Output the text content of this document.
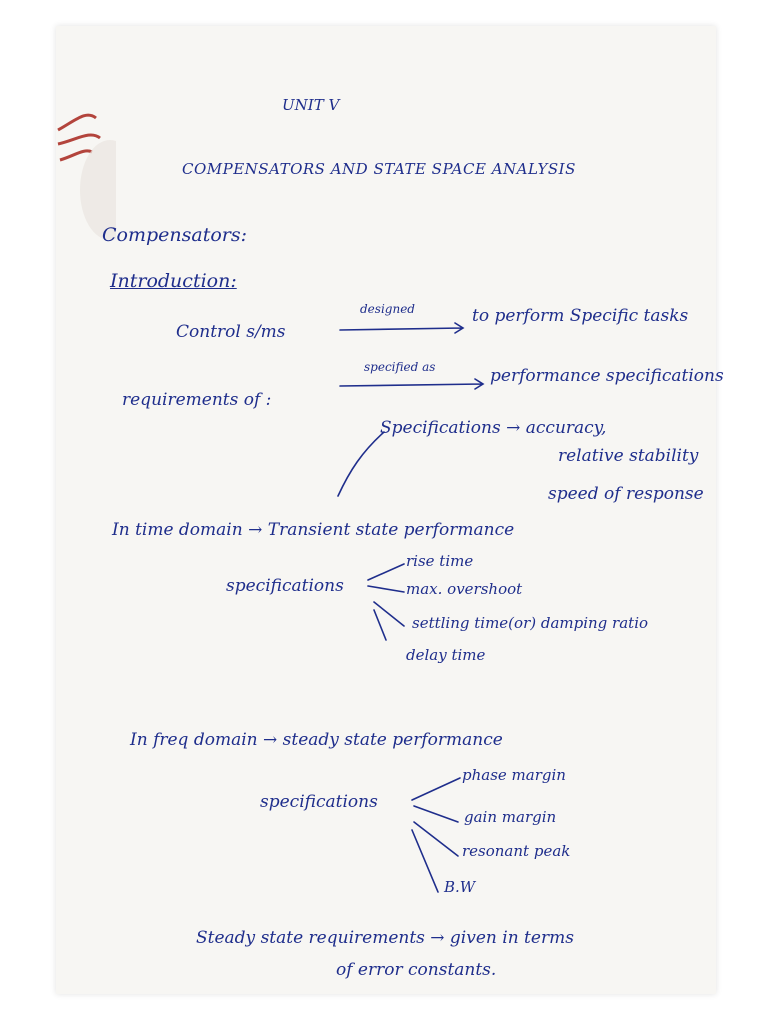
UNIT V
COMPENSATORS AND STATE SPACE ANALYSIS
Compensators:
Introduction:
Control s/ms
designed	to perform Specific tasks
requirements of :
specified as	performance specifications
Specifications → accuracy,
relative stability
speed of response
In time domain → Transient state performance
specifications
rise time
max. overshoot
settling time(or) damping ratio
delay time
In freq domain → steady state performance
specifications
phase margin
gain margin
resonant peak
B.W
Steady state requirements → given in terms
of error constants.
